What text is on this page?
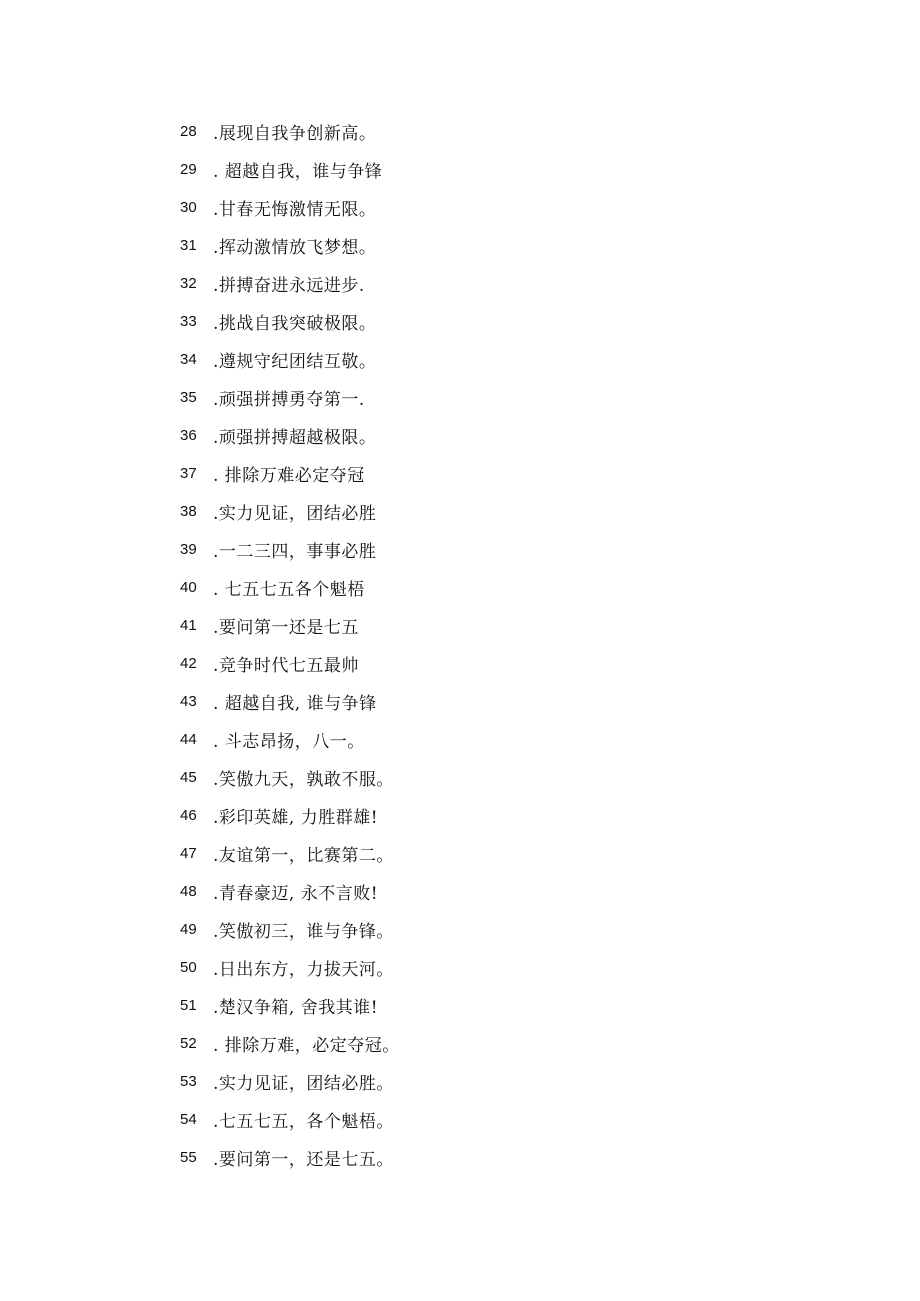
28 .展现自我争创新高。
29 . 超越自我，谁与争锋
30 .甘春无悔激情无限。
31 .挥动激情放飞梦想。
32 .拼搏奋进永远进步.
33 .挑战自我突破极限。
34 .遵规守纪团结互敬。
35 .顽强拼搏勇夺第一.
36 .顽强拼搏超越极限。
37 . 排除万难必定夺冠
38 .实力见证，团结必胜
39 .一二三四，事事必胜
40 . 七五七五各个魁梧
41 .要问第一还是七五
42 .竞争时代七五最帅
43 . 超越自我, 谁与争锋
44 . 斗志昂扬，八一。
45 .笑傲九天，孰敢不服。
46 .彩印英雄, 力胜群雄!
47 .友谊第一，比赛第二。
48 .青春豪迈, 永不言败!
49 .笑傲初三，谁与争锋。
50 .日出东方，力拔天河。
51 .楚汉争箱, 舍我其谁!
52 . 排除万难，必定夺冠。
53 .实力见证，团结必胜。
54 .七五七五，各个魁梧。
55 .要问第一，还是七五。
